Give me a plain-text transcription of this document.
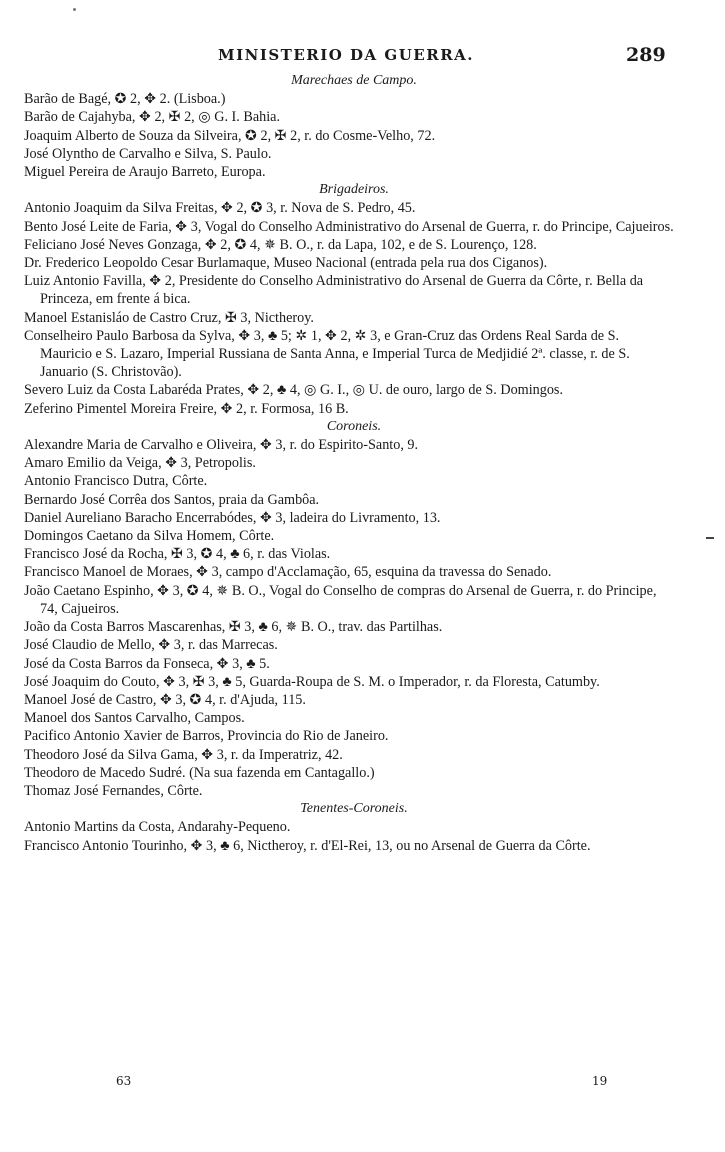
MINISTERIO DA GUERRA.	289

Marechaes de Campo.

Barão de Bagé, ✪ 2, ✥ 2. (Lisboa.)

Barão de Cajahyba, ✥ 2, ✠ 2, ◎ G. I. Bahia.

Joaquim Alberto de Souza da Silveira, ✪ 2, ✠ 2, r. do Cosme-Velho, 72.

José Olyntho de Carvalho e Silva, S. Paulo.

Miguel Pereira de Araujo Barreto, Europa.

Brigadeiros.

Antonio Joaquim da Silva Freitas, ✥ 2, ✪ 3, r. Nova de S. Pedro, 45.

Bento José Leite de Faria, ✥ 3, Vogal do Conselho Administrativo do Arsenal de Guerra, r. do Principe, Cajueiros.

Feliciano José Neves Gonzaga, ✥ 2, ✪ 4, ✵ B. O., r. da Lapa, 102, e de S. Lourenço, 128.

Dr. Frederico Leopoldo Cesar Burlamaque, Museo Nacional (entrada pela rua dos Ciganos).

Luiz Antonio Favilla, ✥ 2, Presidente do Conselho Administrativo do Arsenal de Guerra da Côrte, r. Bella da Princeza, em frente á bica.

Manoel Estanisláo de Castro Cruz, ✠ 3, Nictheroy.

Conselheiro Paulo Barbosa da Sylva, ✥ 3, ♣ 5; ✲ 1, ✥ 2, ✲ 3, e Gran-Cruz das Ordens Real Sarda de S. Mauricio e S. Lazaro, Imperial Russiana de Santa Anna, e Imperial Turca de Medjidié 2ª. classe, r. de S. Januario (S. Christovão).

Severo Luiz da Costa Labaréda Prates, ✥ 2, ♣ 4, ◎ G. I., ◎ U. de ouro, largo de S. Domingos.

Zeferino Pimentel Moreira Freire, ✥ 2, r. Formosa, 16 B.

Coroneis.

Alexandre Maria de Carvalho e Oliveira, ✥ 3, r. do Espirito-Santo, 9.

Amaro Emilio da Veiga, ✥ 3, Petropolis.

Antonio Francisco Dutra, Côrte.

Bernardo José Corrêa dos Santos, praia da Gambôa.

Daniel Aureliano Baracho Encerrabódes, ✥ 3, ladeira do Livramento, 13.

Domingos Caetano da Silva Homem, Côrte.

Francisco José da Rocha, ✠ 3, ✪ 4, ♣ 6, r. das Violas.

Francisco Manoel de Moraes, ✥ 3, campo d'Acclamação, 65, esquina da travessa do Senado.

João Caetano Espinho, ✥ 3, ✪ 4, ✵ B. O., Vogal do Conselho de compras do Arsenal de Guerra, r. do Principe, 74, Cajueiros.

João da Costa Barros Mascarenhas, ✠ 3, ♣ 6, ✵ B. O., trav. das Partilhas.

José Claudio de Mello, ✥ 3, r. das Marrecas.

José da Costa Barros da Fonseca, ✥ 3, ♣ 5.

José Joaquim do Couto, ✥ 3, ✠ 3, ♣ 5, Guarda-Roupa de S. M. o Imperador, r. da Floresta, Catumby.

Manoel José de Castro, ✥ 3, ✪ 4, r. d'Ajuda, 115.

Manoel dos Santos Carvalho, Campos.

Pacifico Antonio Xavier de Barros, Provincia do Rio de Janeiro.

Theodoro José da Silva Gama, ✥ 3, r. da Imperatriz, 42.

Theodoro de Macedo Sudré. (Na sua fazenda em Cantagallo.)

Thomaz José Fernandes, Côrte.

Tenentes-Coroneis.

Antonio Martins da Costa, Andarahy-Pequeno.

Francisco Antonio Tourinho, ✥ 3, ♣ 6, Nictheroy, r. d'El-Rei, 13, ou no Arsenal de Guerra da Côrte.

63	19
